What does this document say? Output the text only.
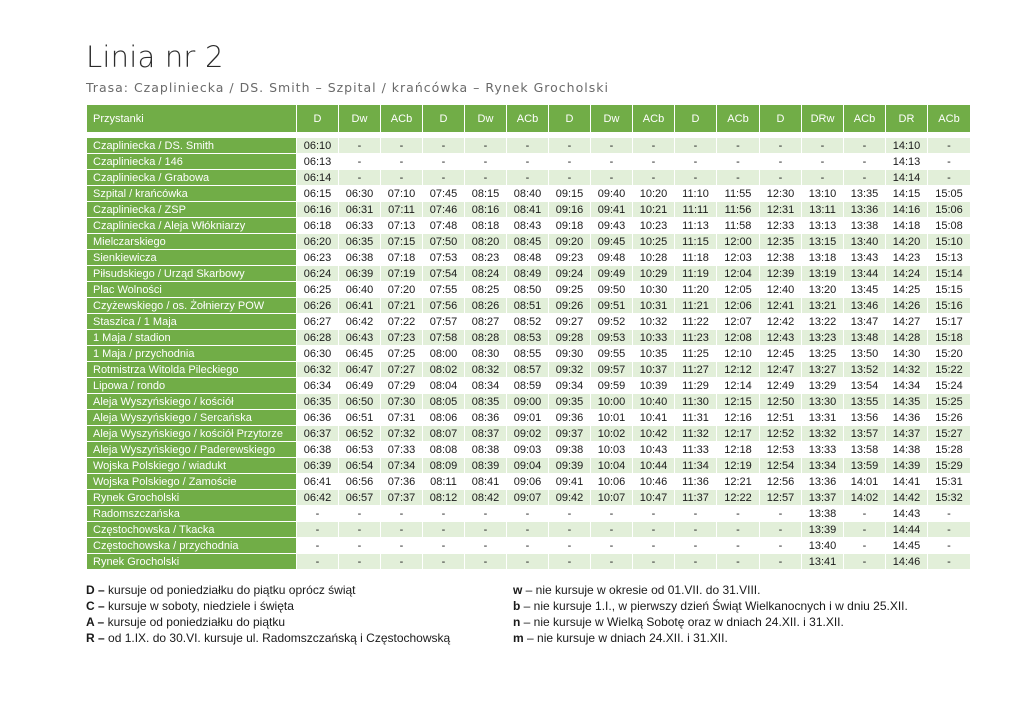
Linia nr 2
Trasa: Czapliniecka / DS. Smith – Szpital / krańcówka – Rynek Grocholski
Przystanki	D	Dw	ACb	D	Dw	ACb	D	Dw	ACb	D	ACb	D	DRw	ACb	DR	ACb

Czapliniecka / DS. Smith	06:10	-	-	-	-	-	-	-	-	-	-	-	-	-	14:10	-
Czapliniecka / 146	06:13	-	-	-	-	-	-	-	-	-	-	-	-	-	14:13	-
Czapliniecka / Grabowa	06:14	-	-	-	-	-	-	-	-	-	-	-	-	-	14:14	-
Szpital / krańcówka	06:15	06:30	07:10	07:45	08:15	08:40	09:15	09:40	10:20	11:10	11:55	12:30	13:10	13:35	14:15	15:05
Czapliniecka / ZSP	06:16	06:31	07:11	07:46	08:16	08:41	09:16	09:41	10:21	11:11	11:56	12:31	13:11	13:36	14:16	15:06
Czapliniecka / Aleja Włókniarzy	06:18	06:33	07:13	07:48	08:18	08:43	09:18	09:43	10:23	11:13	11:58	12:33	13:13	13:38	14:18	15:08
Mielczarskiego	06:20	06:35	07:15	07:50	08:20	08:45	09:20	09:45	10:25	11:15	12:00	12:35	13:15	13:40	14:20	15:10
Sienkiewicza	06:23	06:38	07:18	07:53	08:23	08:48	09:23	09:48	10:28	11:18	12:03	12:38	13:18	13:43	14:23	15:13
Piłsudskiego / Urząd Skarbowy	06:24	06:39	07:19	07:54	08:24	08:49	09:24	09:49	10:29	11:19	12:04	12:39	13:19	13:44	14:24	15:14
Plac Wolności	06:25	06:40	07:20	07:55	08:25	08:50	09:25	09:50	10:30	11:20	12:05	12:40	13:20	13:45	14:25	15:15
Czyżewskiego / os. Żołnierzy POW	06:26	06:41	07:21	07:56	08:26	08:51	09:26	09:51	10:31	11:21	12:06	12:41	13:21	13:46	14:26	15:16
Staszica / 1 Maja	06:27	06:42	07:22	07:57	08:27	08:52	09:27	09:52	10:32	11:22	12:07	12:42	13:22	13:47	14:27	15:17
1 Maja / stadion	06:28	06:43	07:23	07:58	08:28	08:53	09:28	09:53	10:33	11:23	12:08	12:43	13:23	13:48	14:28	15:18
1 Maja / przychodnia	06:30	06:45	07:25	08:00	08:30	08:55	09:30	09:55	10:35	11:25	12:10	12:45	13:25	13:50	14:30	15:20
Rotmistrza Witolda Pileckiego	06:32	06:47	07:27	08:02	08:32	08:57	09:32	09:57	10:37	11:27	12:12	12:47	13:27	13:52	14:32	15:22
Lipowa / rondo	06:34	06:49	07:29	08:04	08:34	08:59	09:34	09:59	10:39	11:29	12:14	12:49	13:29	13:54	14:34	15:24
Aleja Wyszyńskiego / kościół	06:35	06:50	07:30	08:05	08:35	09:00	09:35	10:00	10:40	11:30	12:15	12:50	13:30	13:55	14:35	15:25
Aleja Wyszyńskiego / Sercańska	06:36	06:51	07:31	08:06	08:36	09:01	09:36	10:01	10:41	11:31	12:16	12:51	13:31	13:56	14:36	15:26
Aleja Wyszyńskiego / kościół Przytorze	06:37	06:52	07:32	08:07	08:37	09:02	09:37	10:02	10:42	11:32	12:17	12:52	13:32	13:57	14:37	15:27
Aleja Wyszyńskiego / Paderewskiego	06:38	06:53	07:33	08:08	08:38	09:03	09:38	10:03	10:43	11:33	12:18	12:53	13:33	13:58	14:38	15:28
Wojska Polskiego / wiadukt	06:39	06:54	07:34	08:09	08:39	09:04	09:39	10:04	10:44	11:34	12:19	12:54	13:34	13:59	14:39	15:29
Wojska Polskiego / Zamoście	06:41	06:56	07:36	08:11	08:41	09:06	09:41	10:06	10:46	11:36	12:21	12:56	13:36	14:01	14:41	15:31
Rynek Grocholski	06:42	06:57	07:37	08:12	08:42	09:07	09:42	10:07	10:47	11:37	12:22	12:57	13:37	14:02	14:42	15:32
Radomszczańska	-	-	-	-	-	-	-	-	-	-	-	-	13:38	-	14:43	-
Częstochowska / Tkacka	-	-	-	-	-	-	-	-	-	-	-	-	13:39	-	14:44	-
Częstochowska / przychodnia	-	-	-	-	-	-	-	-	-	-	-	-	13:40	-	14:45	-
Rynek Grocholski	-	-	-	-	-	-	-	-	-	-	-	-	13:41	-	14:46	-
D – kursuje od poniedziałku do piątku oprócz świąt
C – kursuje w soboty, niedziele i święta
A – kursuje od poniedziałku do piątku
R – od 1.IX. do 30.VI. kursuje ul. Radomszczańską i Częstochowską
w – nie kursuje w okresie od 01.VII. do 31.VIII.
b – nie kursuje 1.I., w pierwszy dzień Świąt Wielkanocnych i w dniu 25.XII.
n – nie kursuje w Wielką Sobotę oraz w dniach 24.XII. i 31.XII.
m – nie kursuje w dniach 24.XII. i 31.XII.
